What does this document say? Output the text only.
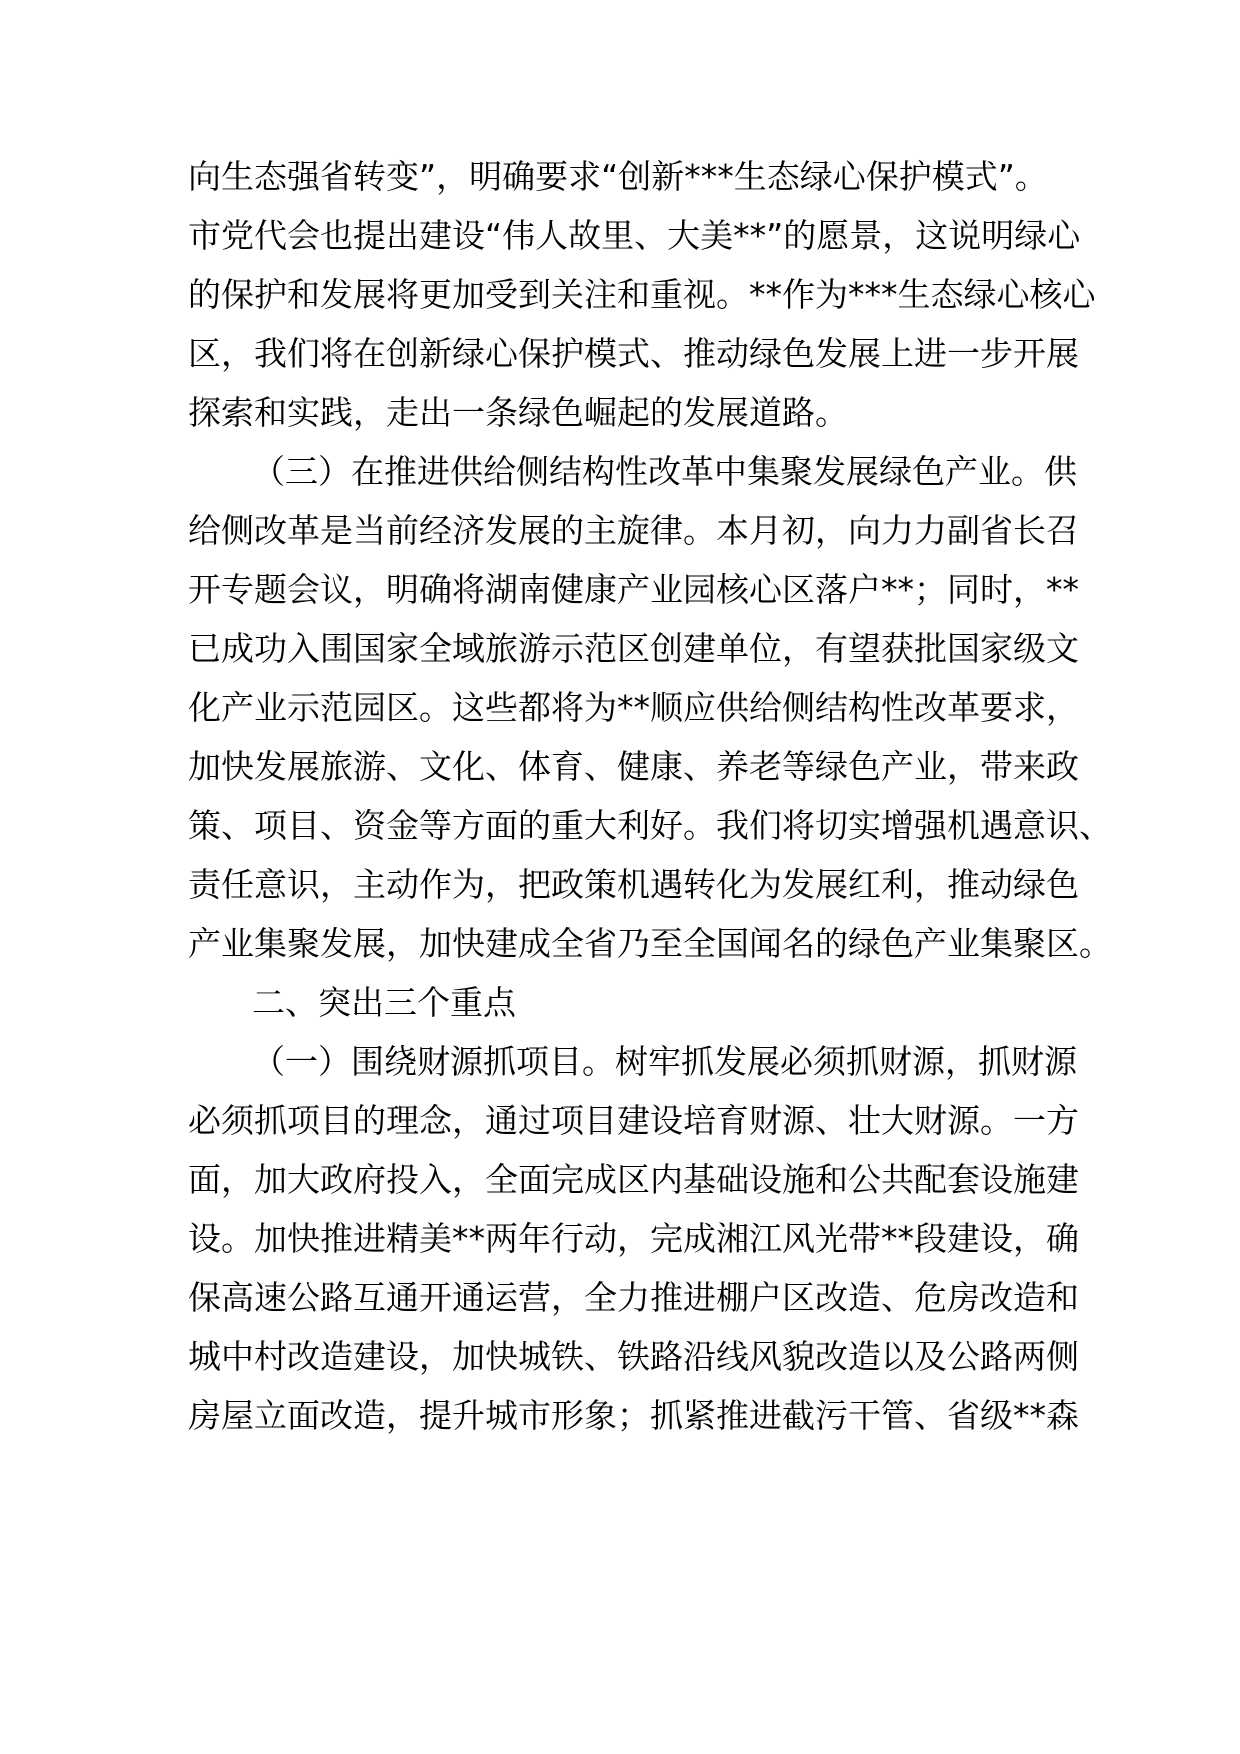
向生态强省转变”，明确要求“创新***生态绿心保护模式”。
市党代会也提出建设“伟人故里、大美**”的愿景，这说明绿心
的保护和发展将更加受到关注和重视。**作为***生态绿心核心
区，我们将在创新绿心保护模式、推动绿色发展上进一步开展
探索和实践，走出一条绿色崛起的发展道路。
（三）在推进供给侧结构性改革中集聚发展绿色产业。供
给侧改革是当前经济发展的主旋律。本月初，向力力副省长召
开专题会议，明确将湖南健康产业园核心区落户**；同时，**
已成功入围国家全域旅游示范区创建单位，有望获批国家级文
化产业示范园区。这些都将为**顺应供给侧结构性改革要求，
加快发展旅游、文化、体育、健康、养老等绿色产业，带来政
策、项目、资金等方面的重大利好。我们将切实增强机遇意识、
责任意识，主动作为，把政策机遇转化为发展红利，推动绿色
产业集聚发展，加快建成全省乃至全国闻名的绿色产业集聚区。
二、突出三个重点
（一）围绕财源抓项目。树牢抓发展必须抓财源，抓财源
必须抓项目的理念，通过项目建设培育财源、壮大财源。一方
面，加大政府投入，全面完成区内基础设施和公共配套设施建
设。加快推进精美**两年行动，完成湘江风光带**段建设，确
保高速公路互通开通运营，全力推进棚户区改造、危房改造和
城中村改造建设，加快城铁、铁路沿线风貌改造以及公路两侧
房屋立面改造，提升城市形象；抓紧推进截污干管、省级**森
